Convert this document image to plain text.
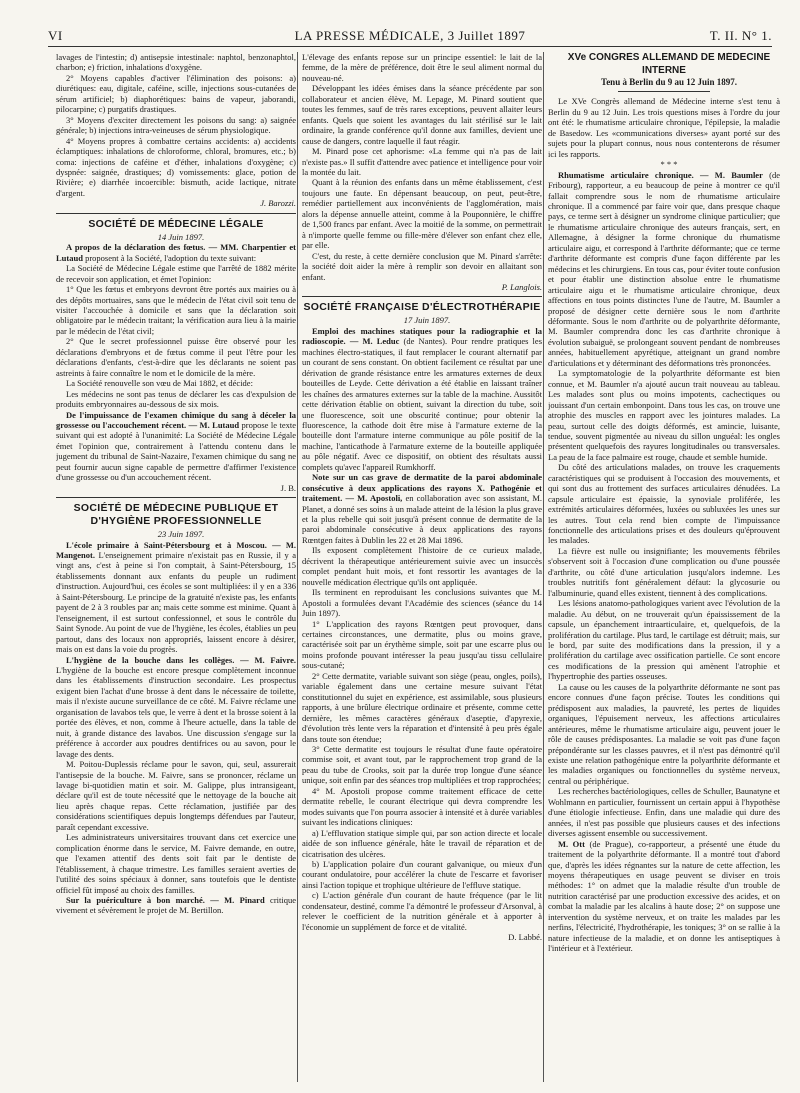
VI	LA PRESSE MÉDICALE, 3 Juillet 1897	T. II. N° 1.

lavages de l'intestin; d) antisepsie intestinale: naphtol, benzonaphtol, charbon; e) friction, inhalations d'oxygène.

2° Moyens capables d'activer l'élimination des poisons: a) diurétiques: eau, digitale, caféine, scille, injections sous-cutanées de sérum artificiel; b) diaphorétiques: bains de vapeur, jaborandi, pilocarpine; c) purgatifs drastiques.

3° Moyens d'exciter directement les poisons du sang: a) saignée générale; b) injections intra-veineuses de sérum physiologique.

4° Moyens propres à combattre certains accidents: a) accidents éclamptiques: inhalations de chloroforme, chloral, bromures, etc.; b) coma: injections de caféine et d'éther, inhalations d'oxygène; c) dyspnée: saignée, drastiques; d) vomissements: glace, potion de Rivière; e) diarrhée incoercible: bismuth, acide lactique, nitrate d'argent.

J. Barozzi.

SOCIÉTÉ DE MÉDECINE LÉGALE

14 Juin 1897.

A propos de la déclaration des fœtus. — MM. Charpentier et Lutaud proposent à la Société, l'adoption du texte suivant:

La Société de Médecine Légale estime que l'arrêté de 1882 mérite de recevoir son application, et émet l'opinion:

1° Que les fœtus et embryons devront être portés aux mairies ou à des dépôts mortuaires, sans que le médecin de l'état civil soit tenu de visiter l'accouchée à domicile et sans que la déclaration soit obligatoire par le médecin traitant; la vérification aura lieu à la mairie par le médecin de l'état civil;

2° Que le secret professionnel puisse être observé pour les déclarations d'embryons et de fœtus comme il peut l'être pour les déclarations d'enfants, c'est-à-dire que les déclarants ne soient pas astreints à faire connaître le nom et le domicile de la mère.

La Société renouvelle son vœu de Mai 1882, et décide:

Les médecins ne sont pas tenus de déclarer les cas d'expulsion de produits embryonnaires au-dessous de six mois.

De l'impuissance de l'examen chimique du sang à déceler la grossesse ou l'accouchement récent. — M. Lutaud propose le texte suivant qui est adopté à l'unanimité: La Société de Médecine Légale émet l'opinion que, contrairement à l'attendu contenu dans le jugement du tribunal de Saint-Nazaire, l'examen chimique du sang ne peut fournir aucun signe capable de permettre d'affirmer l'existence d'une grossesse ou d'un accouchement récent.

J. B.

SOCIÉTÉ DE MÉDECINE PUBLIQUE ET D'HYGIÈNE PROFESSIONNELLE

23 Juin 1897.

L'école primaire à Saint-Pétersbourg et à Moscou. — M. Mangenot. L'enseignement primaire n'existait pas en Russie, il y a vingt ans, c'est à peine si l'on comptait, à Saint-Pétersbourg, 15 établissements donnant aux enfants du peuple un rudiment d'instruction. Aujourd'hui, ces écoles se sont multipliées: il y en a 336 à Saint-Pétersbourg. Le principe de la gratuité n'existe pas, les enfants payent de 2 à 3 roubles par an; mais cette somme est minime. Quant à l'enseignement, il est surtout confessionnel, et sous le contrôle du Saint Synode. Au point de vue de l'hygiène, les écoles, établies un peu partout, dans des locaux non appropriés, laissent encore à désirer, mais on est dans la voie du progrès.

L'hygiène de la bouche dans les collèges. — M. Faivre. L'hygiène de la bouche est encore presque complètement inconnue dans les établissements d'instruction secondaire. Les prospectus exigent bien l'achat d'une brosse à dent dans le nécessaire de toilette, mais il n'existe aucune surveillance de ce côté. M. Faivre réclame une organisation de lavabos tels que, le verre à dent et la brosse soient à la portée des élèves, et non, comme à l'heure actuelle, dans la table de nuit, à grande distance des lavabos. Une discussion s'engage sur la préférence à accorder aux poudres dentifrices ou au savon, pour le lavage des dents.

M. Poitou-Duplessis réclame pour le savon, qui, seul, assurerait l'antisepsie de la bouche. M. Faivre, sans se prononcer, réclame un lavage bi-quotidien matin et soir. M. Galippe, plus intransigeant, déclare qu'il est de toute nécessité que le nettoyage de la bouche ait lieu après chaque repas. Cette réclamation, justifiée par des considérations scientifiques depuis longtemps défendues par l'auteur, paraît cependant excessive.

Les administrateurs universitaires trouvant dans cet exercice une complication énorme dans le service, M. Faivre demande, en outre, que l'examen attentif des dents soit fait par le dentiste de l'établissement, à chaque trimestre. Les familles seraient averties de l'utilité des soins spéciaux à donner, sans toutefois que le dentiste officiel fût imposé au choix des familles.

Sur la puériculture à bon marché. — M. Pinard critique vivement et sévèrement le projet de M. Bertillon.

L'élevage des enfants repose sur un principe essentiel: le lait de la femme, de la mère de préférence, doit être le seul aliment normal du nouveau-né.

Développant les idées émises dans la séance précédente par son collaborateur et ancien élève, M. Lepage, M. Pinard soutient que toutes les femmes, sauf de très rares exceptions, peuvent allaiter leurs enfants. Quels que soient les avantages du lait stérilisé sur le lait ordinaire, la grande conférence qu'il donne aux familles, devient une cause de dangers, contre laquelle il faut réagir.

M. Pinard pose cet aphorisme: «La femme qui n'a pas de lait n'existe pas.» Il suffit d'attendre avec patience et intelligence pour voir la montée du lait.

Quant à la réunion des enfants dans un même établissement, c'est toujours une faute. En dépensant beaucoup, on peut, peut-être, remédier partiellement aux inconvénients de l'agglomération, mais alors la dépense annuelle atteint, comme à la Pouponnière, le chiffre de 1,500 francs par enfant. Avec la moitié de la somme, on permettrait à n'importe quelle femme ou fille-mère d'élever son enfant chez elle, par elle.

C'est, du reste, à cette dernière conclusion que M. Pinard s'arrête: la société doit aider la mère à remplir son devoir en allaitant son enfant.

P. Langlois.

SOCIÉTÉ FRANÇAISE D'ÉLECTROTHÉRAPIE

17 Juin 1897.

Emploi des machines statiques pour la radiographie et la radioscopie. — M. Leduc (de Nantes). Pour rendre pratiques les machines électro-statiques, il faut remplacer le courant alternatif par un courant de sens constant. On obtient facilement ce résultat par une dérivation de grande résistance entre les armatures externes de deux bouteilles de Leyde. Cette dérivation a été établie en laissant traîner les chaînes des armatures externes sur la table de la machine. Aussitôt cette dérivation établie on obtient, suivant la direction du tube, soit une fluorescence, soit une obscurité continue; pour obtenir la fluorescence, la cathode doit être mise à l'armature externe de la bouteille dont l'armature interne communique au pôle positif de la machine, l'anticathode à l'armature externe de la bouteille appliquée au pôle négatif. Avec ce dispositif, on obtient des résultats aussi complets qu'avec l'appareil Rumkhorff.

Note sur un cas grave de dermatite de la paroi abdominale consécutive à deux applications des rayons X. Pathogénie et traitement. — M. Apostoli, en collaboration avec son assistant, M. Planet, a donné ses soins à un malade atteint de la lésion la plus grave et la plus rebelle qui soit jusqu'à présent connue de dermatite de la paroi abdominale consécutive à deux applications des rayons Rœntgen faites à Dublin les 22 et 28 Mai 1896.

Ils exposent complètement l'histoire de ce curieux malade, décrivent la thérapeutique antérieurement suivie avec un insuccès complet pendant huit mois, et font ressortir les avantages de la nouvelle médication électrique qu'ils ont appliquée.

Ils terminent en reproduisant les conclusions suivantes que M. Apostoli a formulées devant l'Académie des sciences (séance du 14 Juin 1897).

1° L'application des rayons Rœntgen peut provoquer, dans certaines circonstances, une dermatite, plus ou moins grave, caractérisée soit par un érythème simple, soit par une escarre plus ou moins profonde pouvant intéresser la peau jusqu'au tissu cellulaire sous-cutané;

2° Cette dermatite, variable suivant son siège (peau, ongles, poils), variable également dans une certaine mesure suivant l'état constitutionnel du sujet en expérience, est assimilable, sous plusieurs rapports, à une brûlure électrique ordinaire et présente, comme cette dernière, les mêmes caractères généraux d'aseptie, d'apyrexie, d'évolution très lente vers la réparation et d'intensité à peu près égale dans toute son étendue;

3° Cette dermatite est toujours le résultat d'une faute opératoire commise soit, et avant tout, par le rapprochement trop grand de la peau du tube de Crooks, soit par la durée trop longue d'une séance unique, soit enfin par des séances trop multipliées et trop rapprochées;

4° M. Apostoli propose comme traitement efficace de cette dermatite rebelle, le courant électrique qui devra comprendre les modes suivants que l'on pourra associer à intensité et à durée variables suivant les indications cliniques:

a) L'effluvation statique simple qui, par son action directe et locale aidée de son influence générale, hâte le travail de réparation et de cicatrisation des ulcères.

b) L'application polaire d'un courant galvanique, ou mieux d'un courant ondulatoire, pour accélérer la chute de l'escarre et favoriser ainsi l'action topique et trophique ultérieure de l'effluve statique.

c) L'action générale d'un courant de haute fréquence (par le lit condensateur, destiné, comme l'a démontré le professeur d'Arsonval, à relever le coefficient de la nutrition générale et à apporter à l'économie un supplément de force et de vitalité.

D. Labbé.

XVe CONGRÈS ALLEMAND DE MÉDECINE INTERNE

Tenu à Berlin du 9 au 12 Juin 1897.

Le XVe Congrès allemand de Médecine interne s'est tenu à Berlin du 9 au 12 Juin. Les trois questions mises à l'ordre du jour ont été: le rhumatisme articulaire chronique, l'épilepsie, la maladie de Basedow. Les «communications diverses» ayant porté sur des sujets pour la plupart connus, nous nous contenterons de résumer ici les rapports.

* * *

Rhumatisme articulaire chronique. — M. Baumler (de Fribourg), rapporteur, a eu beaucoup de peine à montrer ce qu'il fallait comprendre sous le nom de rhumatisme articulaire chronique. Il a commencé par faire voir que, dans presque chaque pays, ce terme sert à désigner un syndrome clinique particulier; que le rhumatisme articulaire chronique des auteurs français, sert, en Allemagne, à désigner la forme chronique du rhumatisme articulaire aigu, et correspond à l'arthrite déformante; que ce terme d'arthrite déformante est compris d'une façon différente par les médecins et les chirurgiens. En tous cas, pour éviter toute confusion et pour établir une distinction absolue entre le rhumatisme articulaire aigu et le rhumatisme articulaire chronique, deux affections en tous points distinctes l'une de l'autre, M. Baumler a proposé de désigner cette dernière sous le nom d'arthrite déformante. Sous le nom d'arthrite ou de polyarthrite déformante, M. Baumler comprendra donc les cas d'arthrite chronique à évolution subaiguë, se prolongeant souvent pendant de nombreuses années, habituellement apyrétique, atteignant un grand nombre d'articulations et y déterminant des déformations très prononcées.

La symptomatologie de la polyarthrite déformante est bien connue, et M. Baumler n'a ajouté aucun trait nouveau au tableau. Les malades sont plus ou moins impotents, cachectiques ou jouissant d'un certain embonpoint. Dans tous les cas, on trouve une atrophie des muscles en rapport avec les jointures malades. La peau, surtout celle des doigts déformés, est amincie, luisante, tendue, souvent pigmentée au niveau du sillon unguéal: les ongles présentent quelquefois des rayures longitudinales ou transversales. La peau de la face palmaire est rouge, chaude et semble humide.

Du côté des articulations malades, on trouve les craquements caractéristiques qui se produisent à l'occasion des mouvements, et qui sont dus au frottement des surfaces articulaires dénudées. La capsule articulaire est épaissie, la synoviale proliférée, les extrémités articulaires déformées, luxées ou subluxées les unes sur les autres. Tout cela rend bien compte de l'impuissance fonctionnelle des articulations prises et des douleurs qu'éprouvent les malades.

La fièvre est nulle ou insignifiante; les mouvements fébriles s'observent soit à l'occasion d'une complication ou d'une poussée d'arthrite, ou côté d'une articulation jusqu'alors indemne. Les troubles nutritifs font généralement défaut: la glycosurie ou l'albuminurie, quand elles existent, tiennent à des complications.

Les lésions anatomo-pathologiques varient avec l'évolution de la maladie. Au début, on ne trouverait qu'un épaississement de la capsule, un épanchement intraarticulaire, et, quelquefois, de la prolifération du cartilage. Plus tard, le cartilage est détruit; mais, sur le bord, par suite des modifications dans la pression, il y a prolifération du cartilage avec ossification partielle. Ce sont encore ces modifications de la pression qui amènent l'atrophie et l'hypertrophie des parties osseuses.

La cause ou les causes de la polyarthrite déformante ne sont pas encore connues d'une façon précise. Toutes les conditions qui prédisposent aux maladies, la pauvreté, les pertes de liquides organiques, l'épuisement nerveux, les affections articulaires antérieures, même le rhumatisme articulaire aigu, peuvent jouer le rôle de causes prédisposantes. La maladie se voit pas d'une façon prépondérante sur les classes pauvres, et il n'est pas démontré qu'il existe une relation pathogénique entre la polyarthrite déformante et les maladies organiques ou fonctionnelles du système nerveux, central ou périphérique.

Les recherches bactériologiques, celles de Schuller, Baunatyne et Wohlmann en particulier, fournissent un certain appui à l'hypothèse d'une étiologie infectieuse. Enfin, dans une maladie qui dure des années, il n'est pas possible que plusieurs causes et des infections diverses agissent ensemble ou successivement.

M. Ott (de Prague), co-rapporteur, a présenté une étude du traitement de la polyarthrite déformante. Il a montré tout d'abord que, d'après les idées régnantes sur la nature de cette affection, les moyens thérapeutiques en usage peuvent se diviser en trois méthodes: 1° on admet que la maladie résulte d'un trouble de nutrition caractérisé par une production excessive des acides, et on combat la maladie par les alcalins à haute dose; 2° on suppose une intervention du système nerveux, et on traite les malades par les nerfins, l'électricité, l'hydrothérapie, les toniques; 3° on se rallie à la nature infectieuse de la maladie, et on donne les antiseptiques à l'intérieur et à l'extérieur.
